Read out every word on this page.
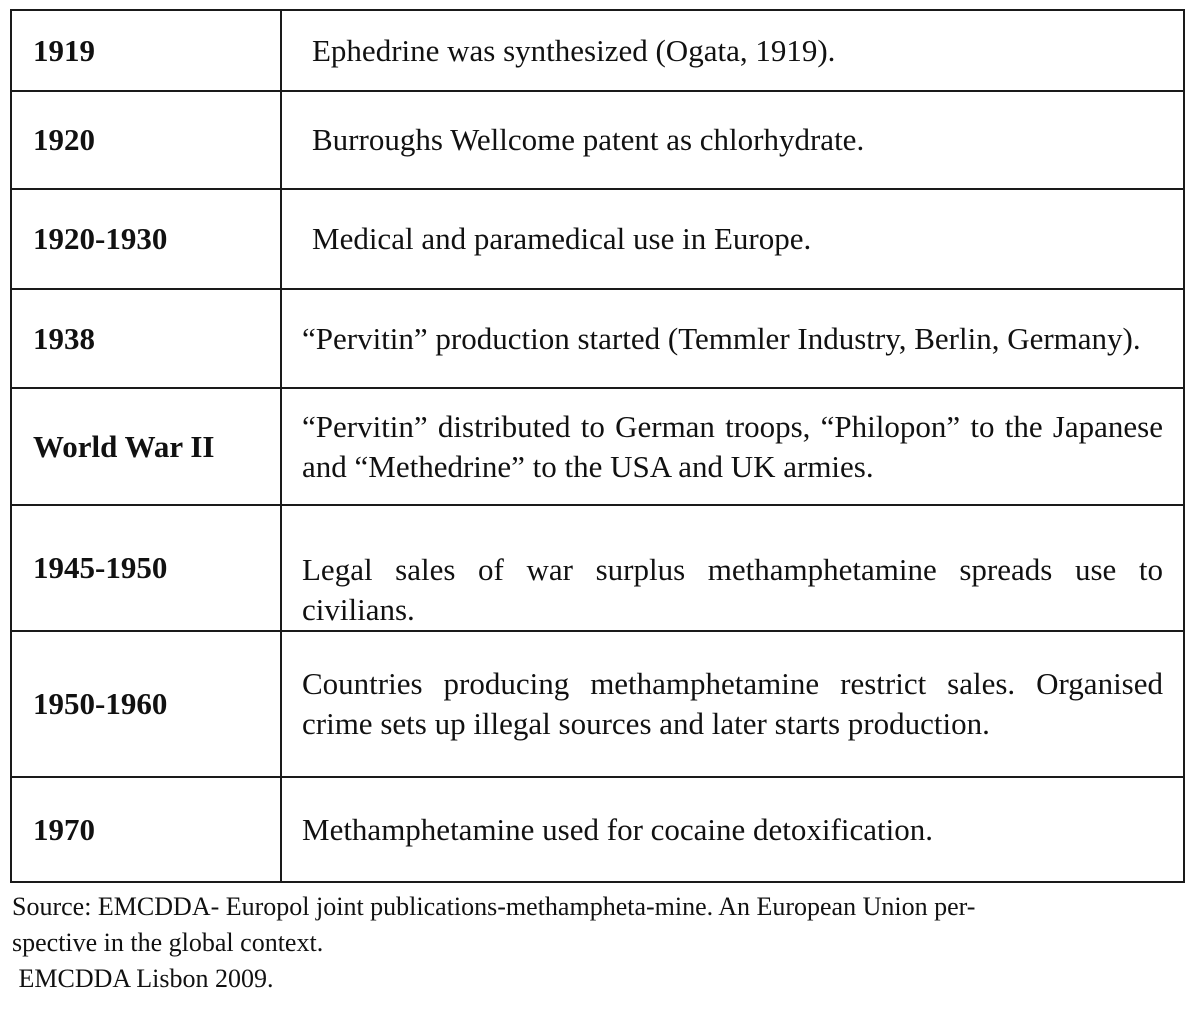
1919	Ephedrine was synthesized (Ogata, 1919).

1920	Burroughs Wellcome patent as chlorhydrate.

1920-1930	Medical and paramedical use in Europe.

1938	“Pervitin” production started (Temmler Industry, Berlin, Germany).

World War II	“Pervitin” distributed to German troops, “Philopon” to the Japanese and “Methedrine” to the USA and UK armies.

1945-1950	Legal sales of war surplus methamphetamine spreads use to civilians.

1950-1960	Countries producing methamphetamine restrict sales. Organised crime sets up illegal sources and later starts production.

1970	Methamphetamine used for cocaine detoxification.
Source: EMCDDA- Europol joint publications-methampheta-mine. An European Union per-
spective in the global context.
EMCDDA Lisbon 2009.
